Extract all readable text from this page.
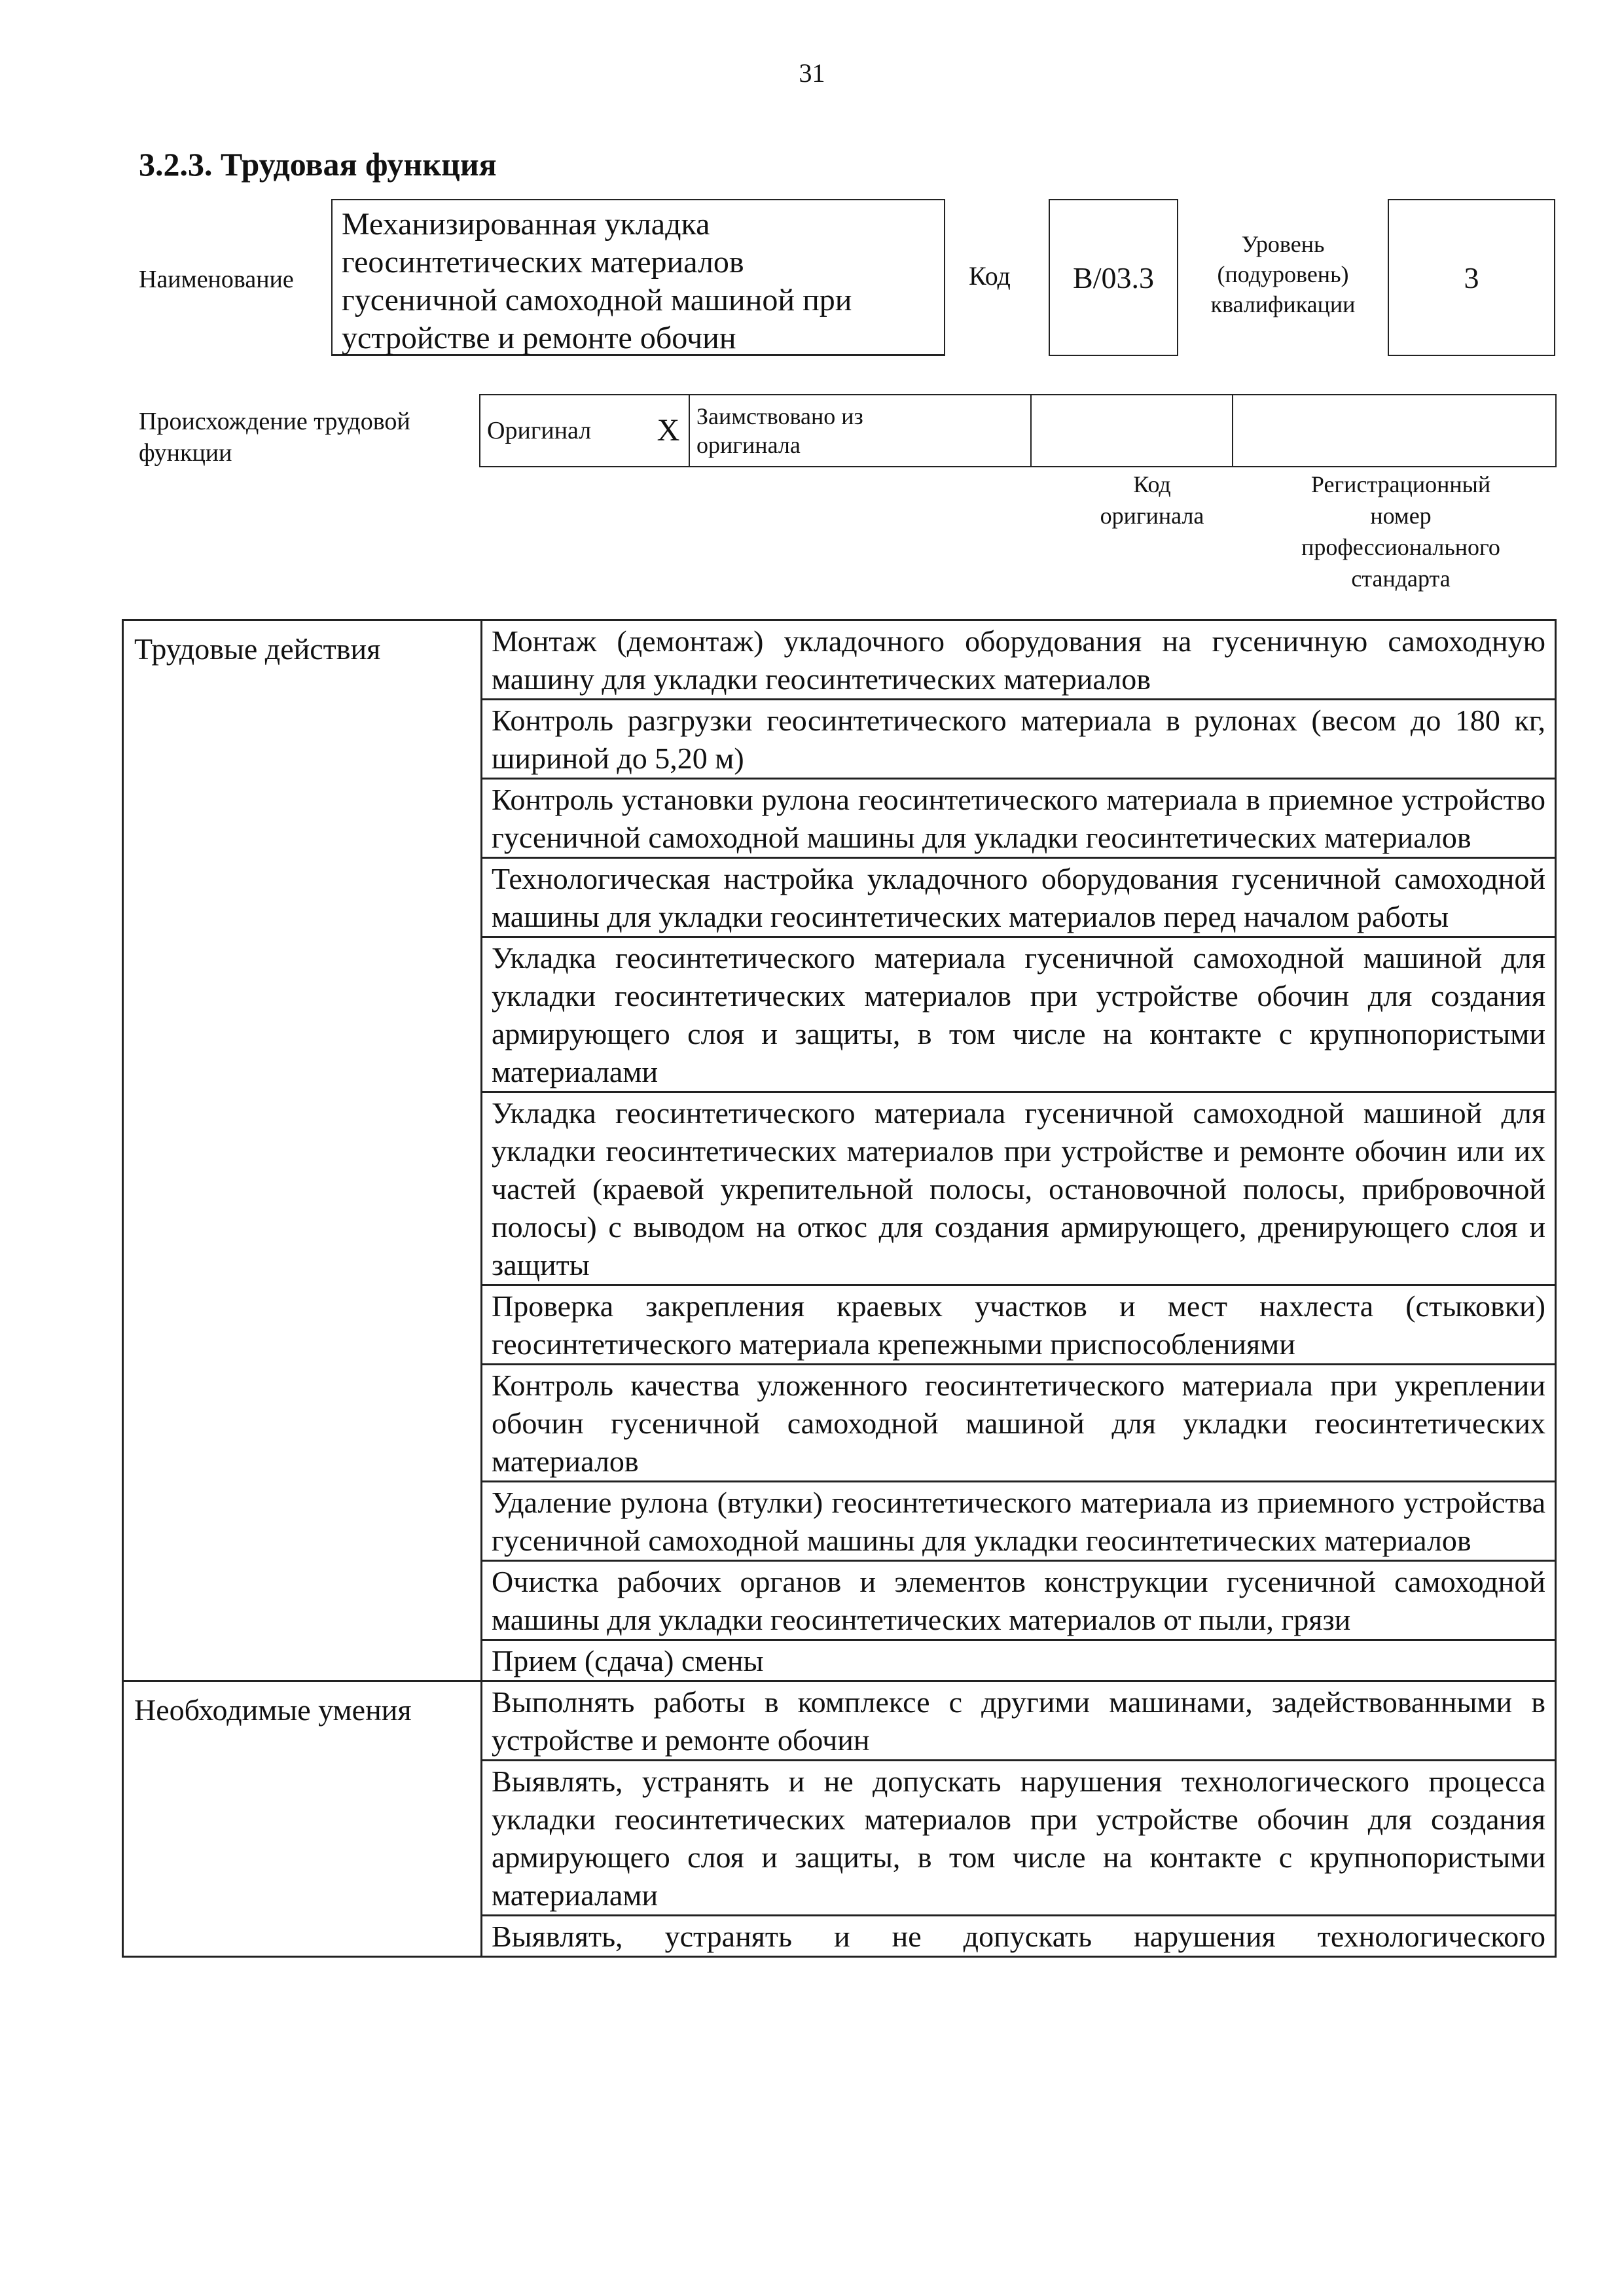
31
3.2.3. Трудовая функция
Наименование
Механизированная укладка
геосинтетических материалов
гусеничной самоходной машиной при
устройстве и ремонте обочин
Код B/03.3
Уровень
(подуровень)
квалификации
3
Происхождение трудовой
функции
Оригинал	X	Заимствовано из
оригинала

Код
оригинала
Регистрационный
номер
профессионального
стандарта
Трудовые действия	Монтаж (демонтаж) укладочного оборудования на гусеничную самоходную машину для укладки геосинтетических материалов
	Контроль разгрузки геосинтетического материала в рулонах (весом до 180 кг, шириной до 5,20 м)
	Контроль установки рулона геосинтетического материала в приемное устройство гусеничной самоходной машины для укладки геосинтетических материалов
	Технологическая настройка укладочного оборудования гусеничной самоходной машины для укладки геосинтетических материалов перед началом работы
	Укладка геосинтетического материала гусеничной самоходной машиной для укладки геосинтетических материалов при устройстве обочин для создания армирующего слоя и защиты, в том числе на контакте с крупнопористыми материалами
	Укладка геосинтетического материала гусеничной самоходной машиной для укладки геосинтетических материалов при устройстве и ремонте обочин или их частей (краевой укрепительной полосы, остановочной полосы, прибровочной полосы) с выводом на откос для создания армирующего, дренирующего слоя и защиты
	Проверка закрепления краевых участков и мест нахлеста (стыковки) геосинтетического материала крепежными приспособлениями
	Контроль качества уложенного геосинтетического материала при укреплении обочин гусеничной самоходной машиной для укладки геосинтетических материалов
	Удаление рулона (втулки) геосинтетического материала из приемного устройства гусеничной самоходной машины для укладки геосинтетических материалов
	Очистка рабочих органов и элементов конструкции гусеничной самоходной машины для укладки геосинтетических материалов от пыли, грязи
	Прием (сдача) смены
Необходимые умения	Выполнять работы в комплексе с другими машинами, задействованными в устройстве и ремонте обочин
	Выявлять, устранять и не допускать нарушения технологического процесса укладки геосинтетических материалов при устройстве обочин для создания армирующего слоя и защиты, в том числе на контакте с крупнопористыми материалами
	Выявлять, устранять и не допускать нарушения технологического
